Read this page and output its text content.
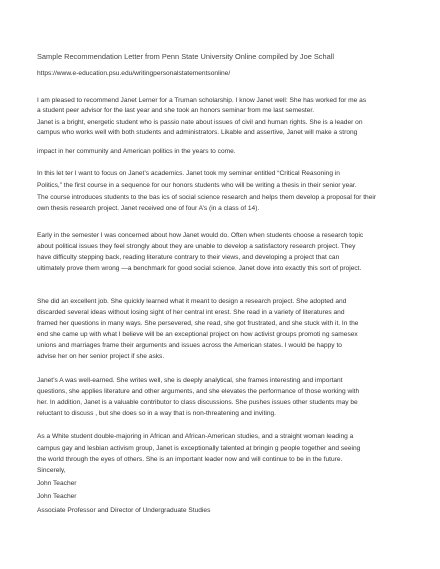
Sample Recommendation Letter from Penn State University Online compiled by Joe Schall
https://www.e-education.psu.edu/writingpersonalstatementsonline/
I am pleased to recommend Janet Lerner for a Truman scholarship. I know Janet well: She has worked for me as
a student peer advisor for the last year and she took an honors seminar from me last semester.
Janet is a bright, energetic student who is passio nate about issues of civil and human rights. She is a leader on
campus who works well with both students and administrators. Likable and assertive, Janet will make a strong
impact in her community and American politics in the years to come.
In this let ter I want to focus on Janet’s academics. Janet took my seminar entitled “Critical Reasoning in
Politics,” the first course in a sequence for our honors students who will be writing a thesis in their senior year.
The course introduces students to the bas ics of social science research and helps them develop a proposal for their
own thesis research project. Janet received one of four A’s (in a class of 14).
Early in the semester I was concerned about how Janet would do. Often when students choose a research topic
about political issues they feel strongly about they are unable to develop a satisfactory research project. They
have difficulty stepping back, reading literature contrary to their views, and developing a project that can
ultimately prove them wrong —a benchmark for good social science. Janet dove into exactly this sort of project.
She did an excellent job. She quickly learned what it meant to design a research project. She adopted and
discarded several ideas without losing sight of her central int erest. She read in a variety of literatures and
framed her questions in many ways. She persevered, she read, she got frustrated, and she stuck with it. In the
end she came up with what I believe will be an exceptional project on how activist groups promoti ng samesex
unions and marriages frame their arguments and issues across the American states. I would be happy to
advise her on her senior project if she asks.
Janet’s A was well-earned. She writes well, she is deeply analytical, she frames interesting and important
questions, she applies literature and other arguments, and she elevates the performance of those working with
her. In addition, Janet is a valuable contributor to class discussions. She pushes issues other students may be
reluctant to discuss , but she does so in a way that is non-threatening and inviting.
As a White student double-majoring in African and African-American studies, and a straight woman leading a
campus gay and lesbian activism group, Janet is exceptionally talented at bringin g people together and seeing
the world through the eyes of others. She is an important leader now and will continue to be in the future.
Sincerely,
John Teacher
John Teacher
Associate Professor and Director of Undergraduate Studies
